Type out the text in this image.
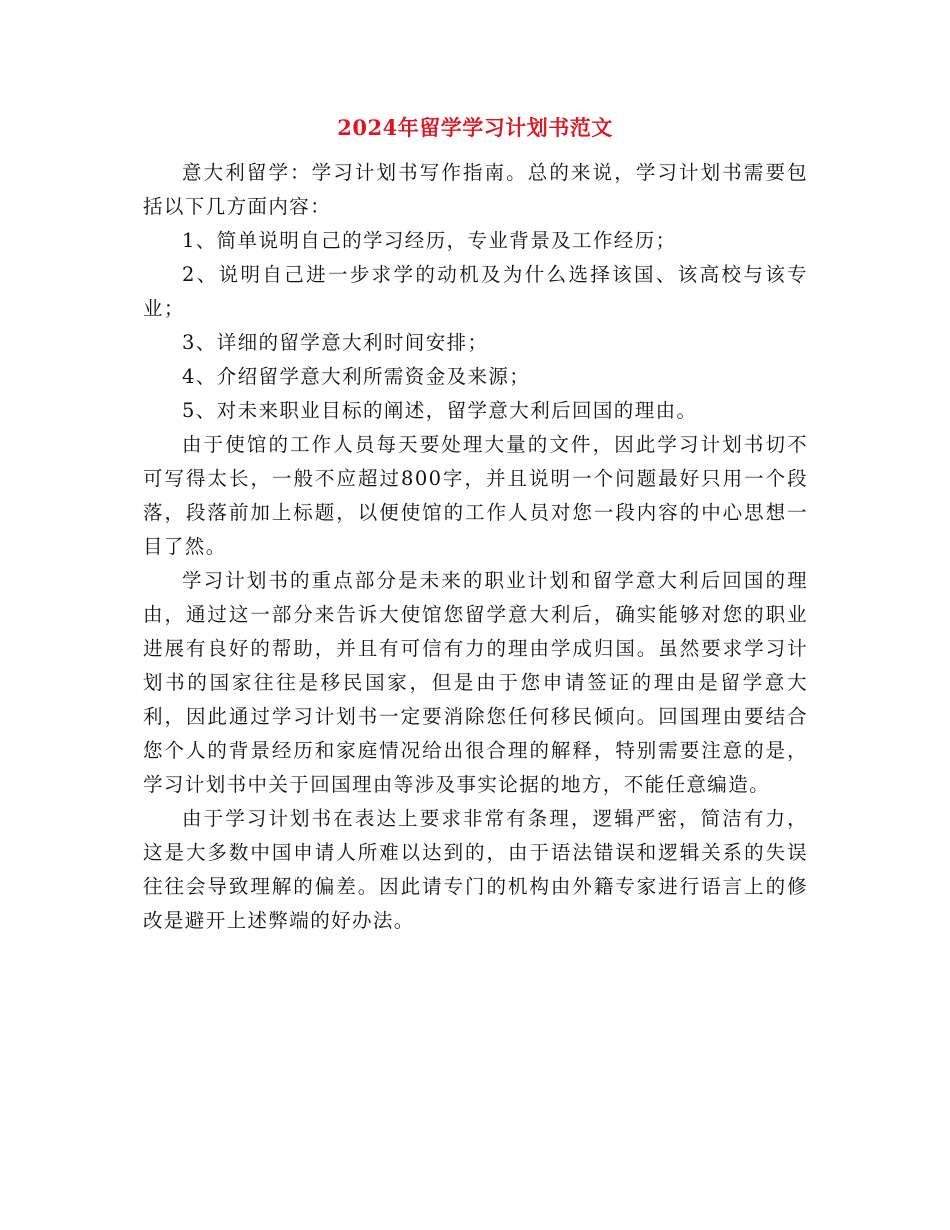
2024年留学学习计划书范文

意大利留学：学习计划书写作指南。总的来说，学习计划书需要包括以下几方面内容：

1、简单说明自己的学习经历，专业背景及工作经历；

2、说明自己进一步求学的动机及为什么选择该国、该高校与该专业；

3、详细的留学意大利时间安排；

4、介绍留学意大利所需资金及来源；

5、对未来职业目标的阐述，留学意大利后回国的理由。

由于使馆的工作人员每天要处理大量的文件，因此学习计划书切不可写得太长，一般不应超过800字，并且说明一个问题最好只用一个段落，段落前加上标题，以便使馆的工作人员对您一段内容的中心思想一目了然。

学习计划书的重点部分是未来的职业计划和留学意大利后回国的理由，通过这一部分来告诉大使馆您留学意大利后，确实能够对您的职业进展有良好的帮助，并且有可信有力的理由学成归国。虽然要求学习计划书的国家往往是移民国家，但是由于您申请签证的理由是留学意大利，因此通过学习计划书一定要消除您任何移民倾向。回国理由要结合您个人的背景经历和家庭情况给出很合理的解释，特别需要注意的是，学习计划书中关于回国理由等涉及事实论据的地方，不能任意编造。

由于学习计划书在表达上要求非常有条理，逻辑严密，简洁有力，这是大多数中国申请人所难以达到的，由于语法错误和逻辑关系的失误往往会导致理解的偏差。因此请专门的机构由外籍专家进行语言上的修改是避开上述弊端的好办法。
